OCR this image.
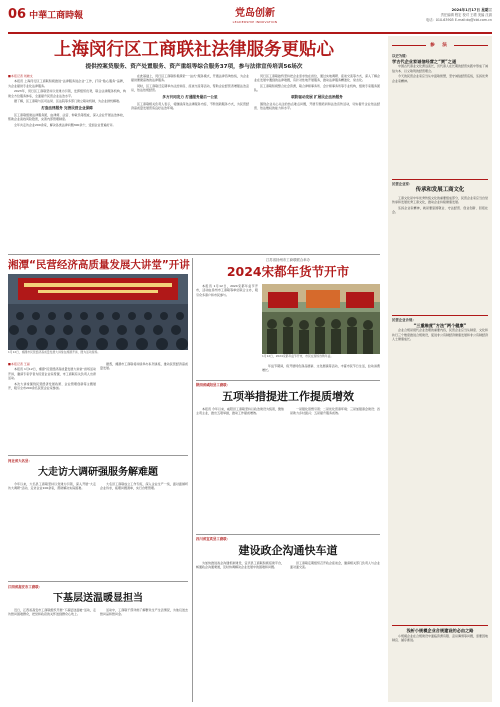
06 中華工商時報	党岛创新
LEADERSHIP INNOVATION
2024年1月17日 星期三
责任编辑 程宏 校对 王增 美编 沈源
电话：010-63905 E-mail:dq@cbt.com.cn
上海闵行区工商联社法律服务更贴心
提供控案贷服务、资产处置服务、资产重组等综合服务37项，参与法律宣传培训56场次
■本报记者 刘晓文

本报讯 上海闵行区工商联积极推进“法律服务进企业”工作，打造“贴心服务”品牌，为企业提供专业化法律服务。

2023年，闵行区工商联坚持以党建为引领，发挥组织优势，联合法律服务机构，构建全方位服务体系，全面提升民营企业法治水平。

据了解，区工商联与区司法局、区法院等多部门建立联动机制，为企业排忧解难。

打造法律服务 完善民营企业保障

区工商联组建法律服务团，由律师、法官、仲裁员等组成，深入企业开展法治体检，帮助企业查找风险隐患，完善内部管理制度。

全年共走访企业200余家，解决各类法律问题300余个，受到企业普遍好评。

在此基础上，闵行区工商联积极探索“一站式”服务模式，开通法律咨询热线，为企业提供便捷高效的法律服务。

同时，区工商联还定期举办法治讲座、座谈交流等活动，帮助企业经营者增强法治意识，依法依规经营。

多方共同发力 打通服务最后一公里

区工商联相关负责人表示，将继续深化法律服务内容，不断创新服务方式，为民营经济高质量发展营造良好法治环境。

闵行区工商联始终坚持把企业需求放在首位，通过实地调研、座谈交流等方式，深入了解企业在发展中遇到的法律难题，有针对性地开展服务，推动法律服务精准化、常态化。

区工商联积极整合社会资源，联合律师事务所、会计师事务所等专业机构，组建专家服务团队。

联防驱动发展 扩展民企法治服务

围绕企业关心关注的热点难点问题，开展专题培训和法治宣传活动，切实提升企业依法经营、依法维权的能力和水平。

湘潭“民营经济高质量发展大讲堂”开讲
1月12日，湘潭市民营经济高质量发展大讲堂在湘潭开讲，图为活动现场。
■本报记者 王丽

本报讯 1月12日，湘潭“民营经济高质量发展大讲堂”首场活动开讲，邀请专家学者为民营企业家授课，市工商联有关负责人出席活动。

本次大讲堂围绕民营经济发展政策、企业管理创新等主题展开，吸引全市200余名民营企业家参加。

据悉，湘潭市工商联将持续举办系列讲座，推动民营经济高质量发展。

河北省大名县：
大走访大调研强服务解难题

今年以来，大名县工商联坚持以党建为引领，深入开展“大走访大调研”活动，走访企业100余家，帮助解决实际困难。

大名县工商联成立工作专班，深入企业生产一线，面对面倾听企业诉求，梳理问题清单，实行台账管理。

江西省高安市工商联：
下基层送温暖显担当

近日，江西省高安市工商联组织开展“下基层送温暖”活动，走访慰问困难群众，把党和政府的关怀送到群众心坎上。

活动中，工商联干部详细了解群众生产生活情况，为他们送去慰问品和慰问金。

江苏省扬州市工商联联合举办
2024宋都年货节开市

本报讯 1月12日，2024宋都年货节开市，活动由扬州市工商联等单位联合主办，吸引众多商户和市民参与。

1月12日，2024宋都年货节开市，市民在现场选购年货。

年货节期间，将开展特色商品展销、文化展演等活动，丰富市民节日生活，拉动消费增长。

陕西省咸阳县工商联：
五项举措提进工作提质增效

本报讯 今年以来，咸阳县工商联坚持以政治建设为统领，聚焦主责主业，推出五项举措，推动工作提质增效。

一是强化思想引领；二是优化营商环境；三是加强商会建设；四是助力乡村振兴；五是提升服务质效。

四川省宜宾县工商联：
建设政企沟通快车道

为加快推进政企沟通机制建设，宜宾县工商联积极搭建平台，畅通政企沟通渠道，及时协调解决企业发展中的困难和问题。

县工商联定期组织召开政企座谈会，邀请相关部门负责人与企业面对面交流。

参 法
以史为镜：
学古代企业家诚信经营之“贾”之道

中国古代商业文化源远流长，历代商人在长期的经营实践中形成了诚信为本、以义取利的经营理念。

今天的民营企业家应当从中汲取智慧，坚守诚信经营底线，弘扬优秀企业家精神。

民营企业家：
传承和发展工商文化

工商文化是中华优秀传统文化的重要组成部分，民营企业家应当自觉传承和发展优秀工商文化，推动企业持续健康发展。

弘扬企业家精神，就是要爱国敬业、守法经营、创业创新、回报社会。

民营企业合规：
“三重维度”方法“两个健康”

企业合规是现代企业治理的重要内容，民营企业应当从制度、文化和执行三个维度推进合规建设，促进非公有制经济健康发展和非公有制经济人士健康成长。

浅析小规模企业合规建设的必由之路

小规模企业在合规建设中面临资源有限、意识薄弱等问题，需要因地制宜、循序渐进。
